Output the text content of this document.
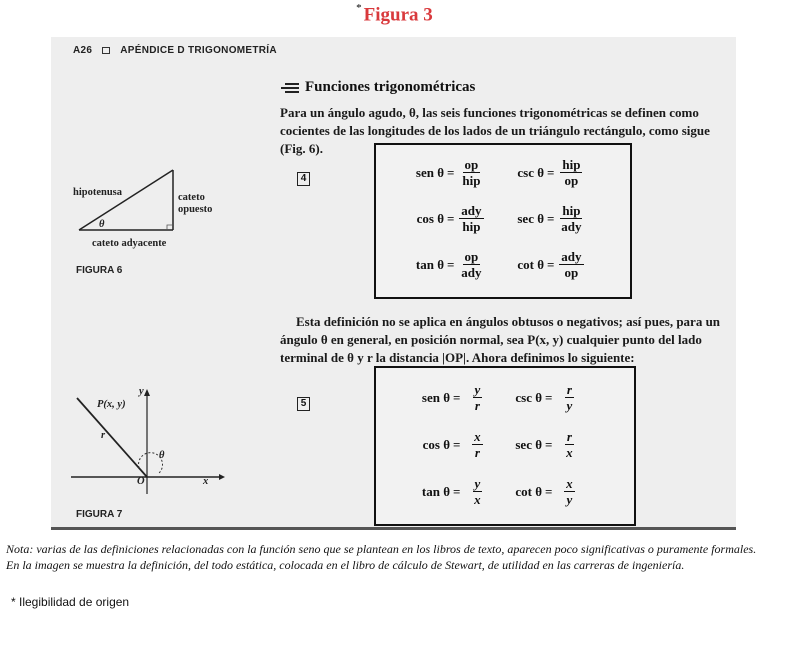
* Figura 3
A26	APÉNDICE D TRIGONOMETRÍA
Funciones trigonométricas
Para un ángulo agudo, θ, las seis funciones trigonométricas se definen como cocientes de las longitudes de los lados de un triángulo rectángulo, como sigue (Fig. 6).
hipotenusa	cateto
opuesto
θ
cateto adyacente
FIGURA 6
4	sen $\theta = \frac{op}{\text{hip}}$	$\csc \theta = \frac{\text{hip}}{op}$
$\cos \theta = \frac{\text{ady}}{\text{hip}}$	$\sec \theta = \frac{\text{hip}}{\text{ady}}$
$\tan \theta = \frac{op}{\text{ady}}$	$\cot \theta = \frac{\text{ady}}{op}$
Esta definición no se aplica en ángulos obtusos o negativos; así pues, para un ángulo θ en general, en posición normal, sea P(x, y) cualquier punto del lado terminal de θ y r la distancia |OP|. Ahora definimos lo siguiente:
P(x, y)
r
θ
O	x
y
FIGURA 7
5	sen $\theta = \frac{y}{r}$	$\csc \theta = \frac{r}{y}$
$\cos \theta = \frac{x}{r}$	$\sec \theta = \frac{r}{x}$
$\tan \theta = \frac{y}{x}$	$\cot \theta = \frac{x}{y}$
Nota: varias de las definiciones relacionadas con la función seno que se plantean en los libros de texto, aparecen poco significativas o puramente formales.
En la imagen se muestra la definición, del todo estática, colocada en el libro de cálculo de Stewart, de utilidad en las carreras de ingeniería.
* Ilegibilidad de origen
